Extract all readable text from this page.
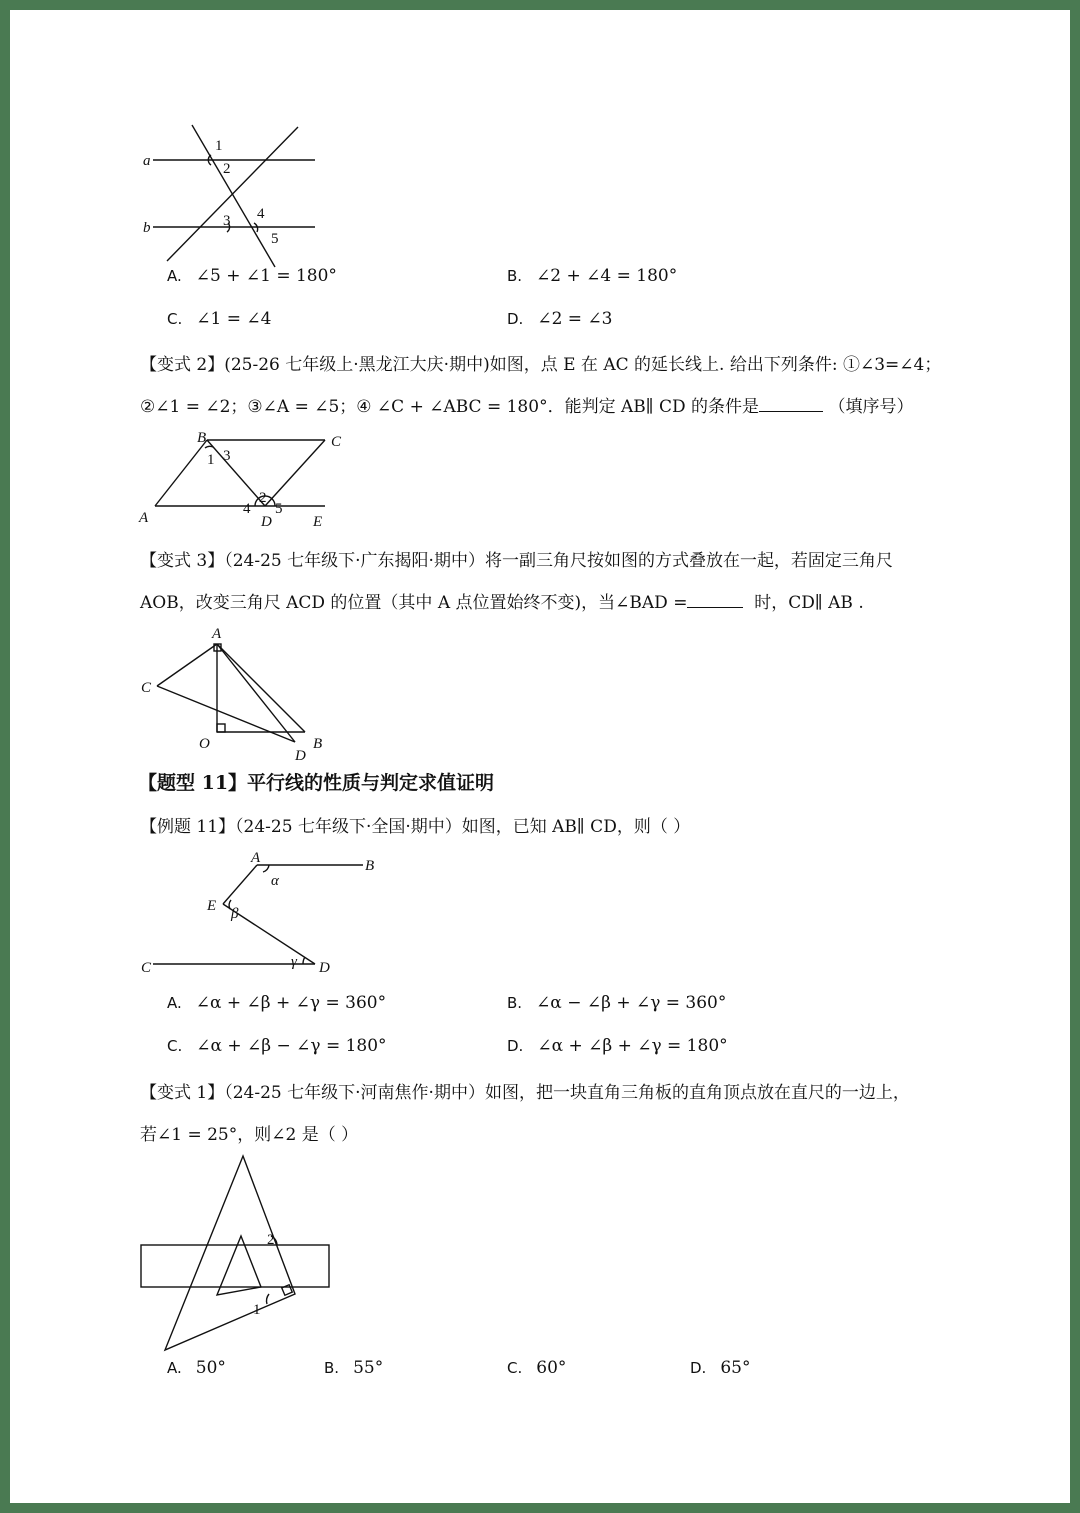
a
b
1
2
3 4
5
A. ∠5 + ∠1 = 180°	B. ∠2 + ∠4 = 180°
C. ∠1 = ∠4	D. ∠2 = ∠3
【变式 2】(25-26 七年级上·黑龙江大庆·期中)如图，点 E 在 AC 的延长线上. 给出下列条件: ①∠3=∠4；
②∠1 = ∠2；③∠A = ∠5；④ ∠C + ∠ABC = 180°．能判定 AB∥ CD 的条件是	（填序号）
B	C
1 3
A
4
2
5
D	E
【变式 3】（24-25 七年级下·广东揭阳·期中）将一副三角尺按如图的方式叠放在一起，若固定三角尺
AOB，改变三角尺 ACD 的位置（其中 A 点位置始终不变)，当∠BAD =	时，CD∥ AB .
A
C
O
D
B
【题型 11】平行线的性质与判定求值证明
【例题 11】（24-25 七年级下·全国·期中）如图，已知 AB∥ CD，则（ ）
A	B
α
E β
C	γ D
A. ∠α + ∠β + ∠γ = 360°	B. ∠α − ∠β + ∠γ = 360°
C. ∠α + ∠β − ∠γ = 180°	D. ∠α + ∠β + ∠γ = 180°
【变式 1】（24-25 七年级下·河南焦作·期中）如图，把一块直角三角板的直角顶点放在直尺的一边上，
若∠1 = 25°，则∠2 是（ ）
2
1
A. 50°	B. 55°	C. 60°	D. 65°
